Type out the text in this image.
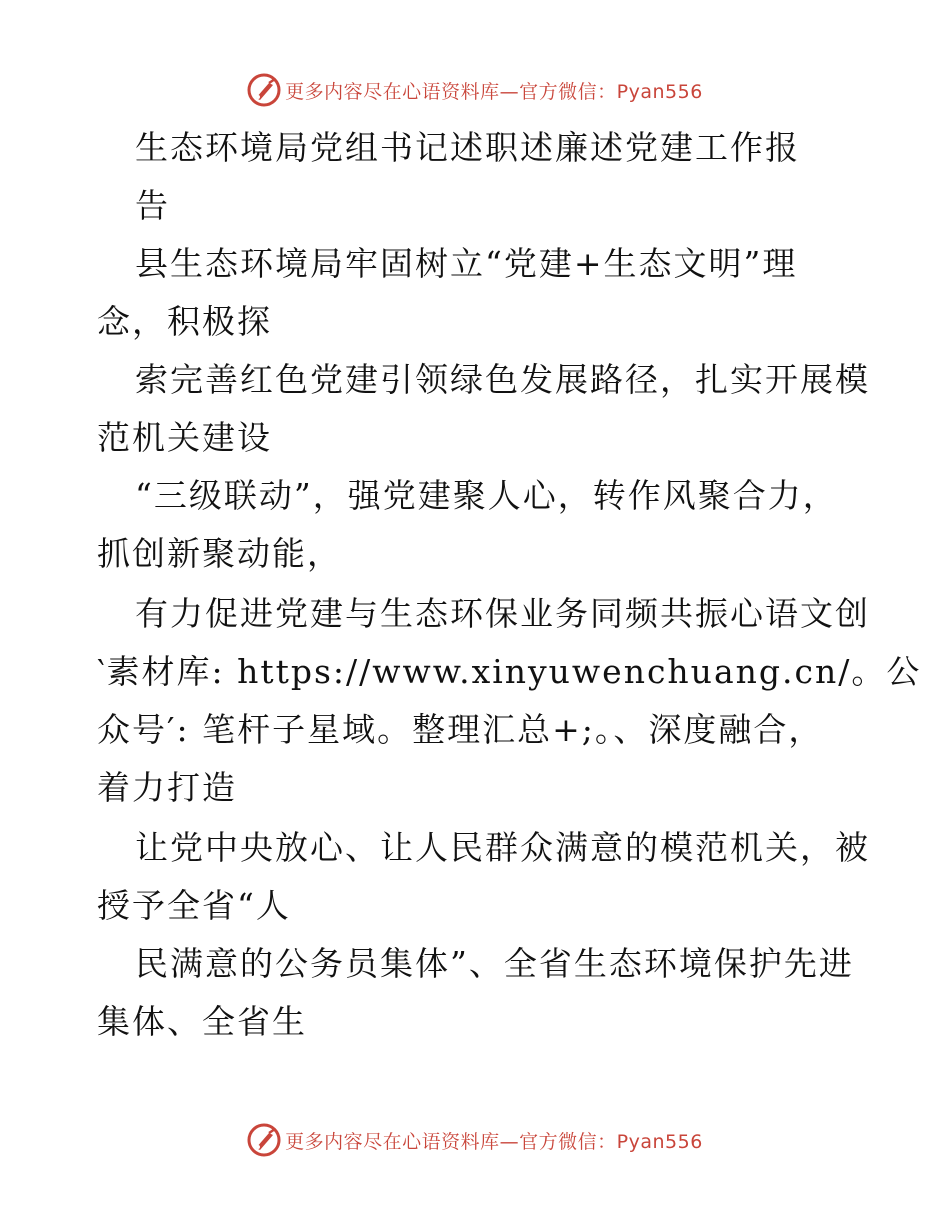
更多内容尽在心语资料库—官方微信：Pyan556
生态环境局党组书记述职述廉述党建工作报
告
县生态环境局牢固树立“党建+生态文明”理
念，积极探
索完善红色党建引领绿色发展路径，扎实开展模
范机关建设
“三级联动”，强党建聚人心，转作风聚合力，
抓创新聚动能，
有力促进党建与生态环保业务同频共振心语文创
‵素材库: https://www.xinyuwenchuang.cn/。公
众号′: 笔杆子星域。整理汇总+;。、深度融合，
着力打造
让党中央放心、让人民群众满意的模范机关，被
授予全省“人
民满意的公务员集体”、全省生态环境保护先进
集体、全省生
更多内容尽在心语资料库—官方微信：Pyan556
